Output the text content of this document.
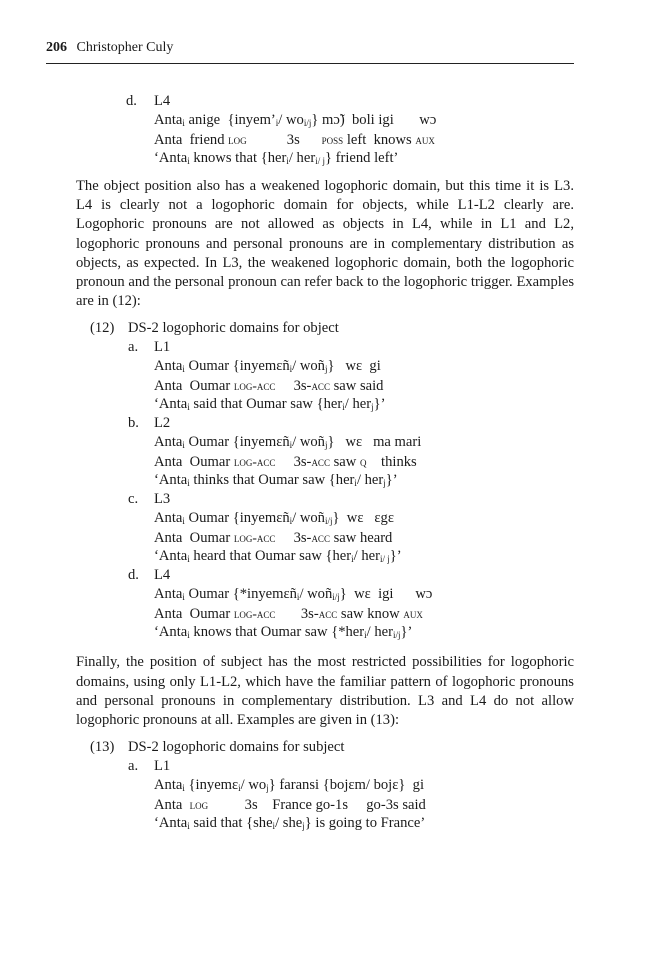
206 Christopher Culy
d. L4
Anta$_i$ anige  {$inyem’_i/$ $wo_{i/j}$} mɔ̃)  boli igi       wɔ
Anta  friend log           3s      poss left  knows aux
‘Anta$_i$ knows that {her$_i$/ her$_{i/ j}$} friend left’

The object position also has a weakened logophoric domain, but this time it is L3. L4 is clearly not a logophoric domain for objects, while L1-L2 clearly are. Logophoric pronouns are not allowed as objects in L4, while in L1 and L2, logophoric pronouns and personal pronouns are in complementary distribution as objects, as expected. In L3, the weakened logophoric domain, both the logophoric pronoun and the personal pronoun can refer back to the logophoric trigger. Examples are in (12):

(12) DS-2 logophoric domains for object
a. L1
Anta$_i$ Oumar {inyemɛñ$_i$/ woñ$_j$}   wɛ  gi
Anta  Oumar log-acc     3s-acc saw said
‘Anta$_i$ said that Oumar saw {her$_i$/ her$_j$}’
b. L2
Anta$_i$ Oumar {inyemɛñ$_i$/ woñ$_j$}   wɛ   ma mari
Anta  Oumar log-acc     3s-acc saw q    thinks
‘Anta$_i$ thinks that Oumar saw {her$_i$/ her$_j$}’
c. L3
Anta$_i$ Oumar {inyemɛñ$_i$/ woñ$_{i/j}$}  wɛ   ɛgɛ
Anta  Oumar log-acc     3s-acc saw heard
‘Anta$_i$ heard that Oumar saw {her$_i$/ her$_{i/ j}$}’
d. L4
Anta$_i$ Oumar {*inyemɛñ$_i$/ woñ$_{i/j}$}  wɛ  igi      wɔ
Anta  Oumar log-acc       3s-acc saw know aux
‘Anta$_i$ knows that Oumar saw {*her$_i$/ her$_{i/j}$}’

Finally, the position of subject has the most restricted possibilities for logophoric domains, using only L1-L2, which have the familiar pattern of logophoric pronouns and personal pronouns in complementary distribution. L3 and L4 do not allow logophoric pronouns at all. Examples are given in (13):

(13) DS-2 logophoric domains for subject
a. L1
Anta$_i$ {inyemɛ$_i$/ $wo_j$} faransi {bojɛm/ bojɛ}  gi
Anta  log          3s    France go-1s     go-3s said
‘Anta$_i$ said that {she$_i$/ she$_j$} is going to France’
